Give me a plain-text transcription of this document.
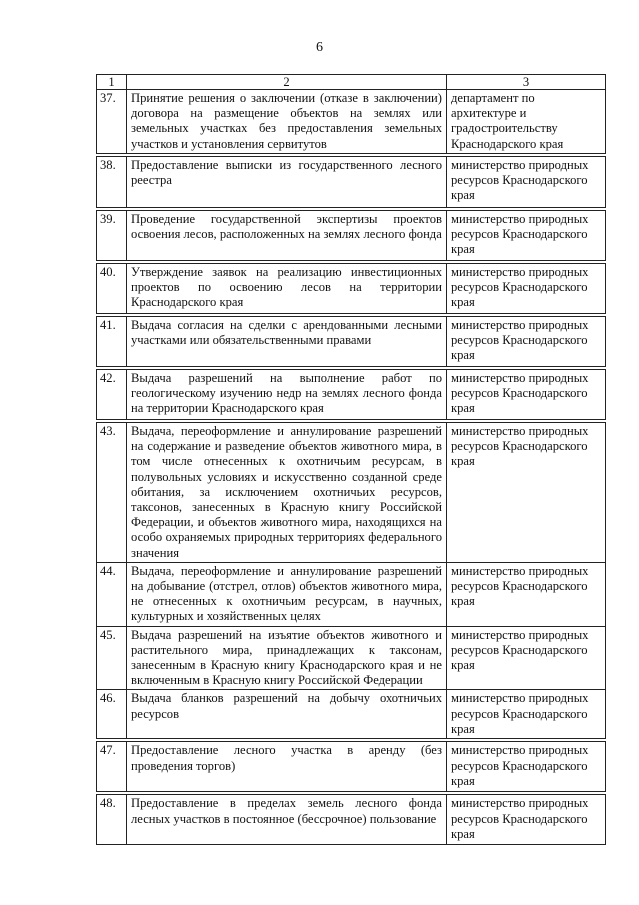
6
1	2	3
37.	Принятие решения о заключении (отказе в заключении) договора на размещение объектов на землях или земельных участках без предоставления земельных участков и установления сервитутов	департамент по архитектуре и градостроительству Краснодарского края

38.	Предоставление выписки из государственного лесного реестра	министерство природных ресурсов Краснодарского края

39.	Проведение государственной экспертизы проектов освоения лесов, расположенных на землях лесного фонда	министерство природных ресурсов Краснодарского края

40.	Утверждение заявок на реализацию инвестиционных проектов по освоению лесов на территории Краснодарского края	министерство природных ресурсов Краснодарского края

41.	Выдача согласия на сделки с арендованными лесными участками или обязательственными правами	министерство природных ресурсов Краснодарского края

42.	Выдача разрешений на выполнение работ по геологическому изучению недр на землях лесного фонда на территории Краснодарского края	министерство природных ресурсов Краснодарского края

43.	Выдача, переоформление и аннулирование разрешений на содержание и разведение объектов животного мира, в том числе отнесенных к охотничьим ресурсам, в полувольных условиях и искусственно созданной среде обитания, за исключением охотничьих ресурсов, таксонов, занесенных в Красную книгу Российской Федерации, и объектов животного мира, находящихся на особо охраняемых природных территориях федерального значения	министерство природных ресурсов Краснодарского края
44.	Выдача, переоформление и аннулирование разрешений на добывание (отстрел, отлов) объектов животного мира, не отнесенных к охотничьим ресурсам, в научных, культурных и хозяйственных целях	министерство природных ресурсов Краснодарского края
45.	Выдача разрешений на изъятие объектов животного и растительного мира, принадлежащих к таксонам, занесенным в Красную книгу Краснодарского края и не включенным в Красную книгу Российской Федерации	министерство природных ресурсов Краснодарского края
46.	Выдача бланков разрешений на добычу охотничьих ресурсов	министерство природных ресурсов Краснодарского края

47.	Предоставление лесного участка в аренду (без проведения торгов)	министерство природных ресурсов Краснодарского края

48.	Предоставление в пределах земель лесного фонда лесных участков в постоянное (бессрочное) пользование	министерство природных ресурсов Краснодарского края
